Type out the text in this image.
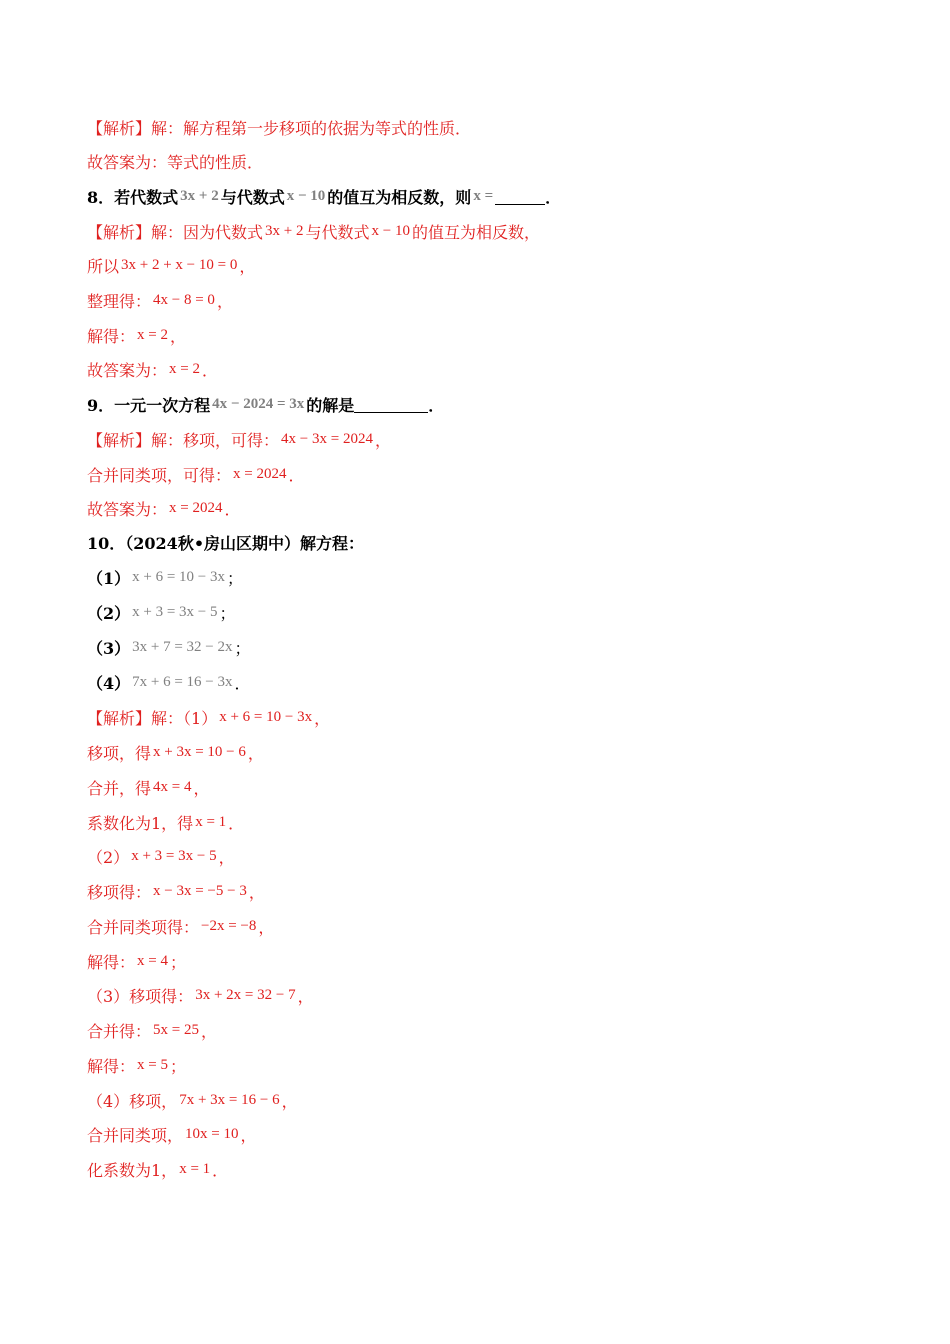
【解析】解：解方程第一步移项的依据为等式的性质．
故答案为：等式的性质．
8．若代数式 3x + 2 与代数式 x − 10 的值互为相反数，则 x =	．
【解析】解：因为代数式 3x + 2 与代数式 x − 10 的值互为相反数，
所以 3x + 2 + x − 10 = 0 ，
整理得： 4x − 8 = 0 ，
解得： x = 2 ，
故答案为： x = 2 ．
9．一元一次方程 4x − 2024 = 3x 的解是	．
【解析】解：移项，可得： 4x − 3x = 2024 ，
合并同类项，可得： x = 2024 ．
故答案为： x = 2024 ．
10．（2024秋•房山区期中）解方程：
（1） x + 6 = 10 − 3x ；
（2） x + 3 = 3x − 5 ；
（3） 3x + 7 = 32 − 2x ；
（4） 7x + 6 = 16 − 3x ．
【解析】解：（1） x + 6 = 10 − 3x ，
移项，得 x + 3x = 10 − 6 ，
合并，得 4x = 4 ，
系数化为1，得 x = 1 ．
（2） x + 3 = 3x − 5 ，
移项得： x − 3x = −5 − 3 ，
合并同类项得： −2x = −8 ，
解得： x = 4 ；
（3）移项得： 3x + 2x = 32 − 7 ，
合并得： 5x = 25 ，
解得： x = 5 ；
（4）移项， 7x + 3x = 16 − 6 ，
合并同类项， 10x = 10 ，
化系数为1， x = 1 ．
